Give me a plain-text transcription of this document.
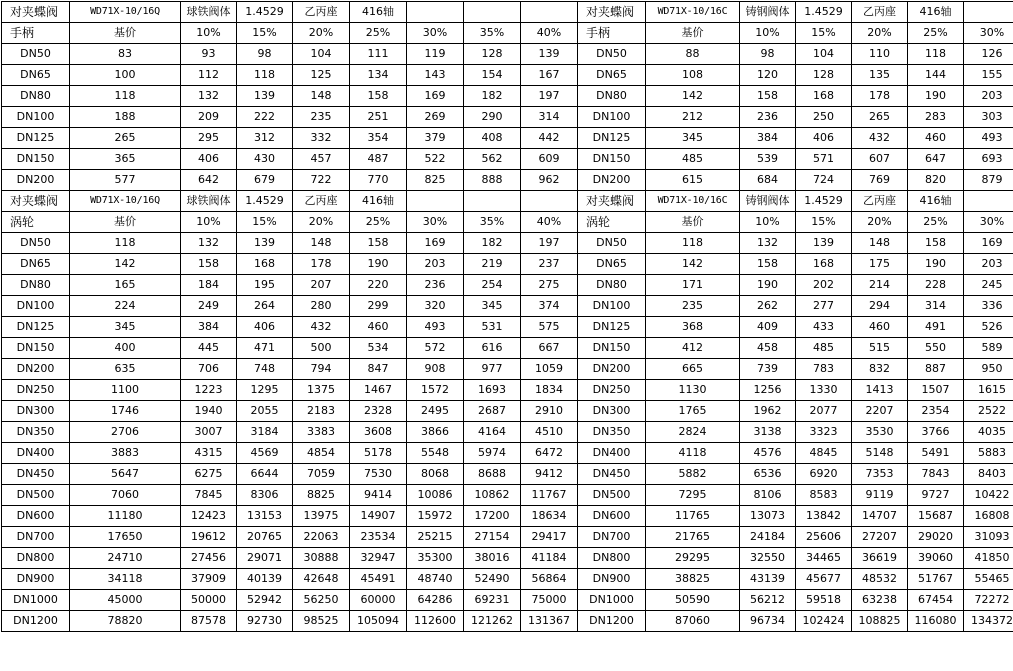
对夹蝶阀	WD71X-10/16Q	球铁阀体	1.4529	乙丙座	416轴				对夹蝶阀	WD71X-10/16C	铸钢阀体	1.4529	乙丙座	416轴	
手柄	基价	10%	15%	20%	25%	30%	35%	40%	手柄	基价	10%	15%	20%	25%	30%
DN50	83	93	98	104	111	119	128	139	DN50	88	98	104	110	118	126
DN65	100	112	118	125	134	143	154	167	DN65	108	120	128	135	144	155
DN80	118	132	139	148	158	169	182	197	DN80	142	158	168	178	190	203
DN100	188	209	222	235	251	269	290	314	DN100	212	236	250	265	283	303
DN125	265	295	312	332	354	379	408	442	DN125	345	384	406	432	460	493
DN150	365	406	430	457	487	522	562	609	DN150	485	539	571	607	647	693
DN200	577	642	679	722	770	825	888	962	DN200	615	684	724	769	820	879
对夹蝶阀	WD71X-10/16Q	球铁阀体	1.4529	乙丙座	416轴				对夹蝶阀	WD71X-10/16C	铸钢阀体	1.4529	乙丙座	416轴	
涡轮	基价	10%	15%	20%	25%	30%	35%	40%	涡轮	基价	10%	15%	20%	25%	30%
DN50	118	132	139	148	158	169	182	197	DN50	118	132	139	148	158	169
DN65	142	158	168	178	190	203	219	237	DN65	142	158	168	175	190	203
DN80	165	184	195	207	220	236	254	275	DN80	171	190	202	214	228	245
DN100	224	249	264	280	299	320	345	374	DN100	235	262	277	294	314	336
DN125	345	384	406	432	460	493	531	575	DN125	368	409	433	460	491	526
DN150	400	445	471	500	534	572	616	667	DN150	412	458	485	515	550	589
DN200	635	706	748	794	847	908	977	1059	DN200	665	739	783	832	887	950
DN250	1100	1223	1295	1375	1467	1572	1693	1834	DN250	1130	1256	1330	1413	1507	1615
DN300	1746	1940	2055	2183	2328	2495	2687	2910	DN300	1765	1962	2077	2207	2354	2522
DN350	2706	3007	3184	3383	3608	3866	4164	4510	DN350	2824	3138	3323	3530	3766	4035
DN400	3883	4315	4569	4854	5178	5548	5974	6472	DN400	4118	4576	4845	5148	5491	5883
DN450	5647	6275	6644	7059	7530	8068	8688	9412	DN450	5882	6536	6920	7353	7843	8403
DN500	7060	7845	8306	8825	9414	10086	10862	11767	DN500	7295	8106	8583	9119	9727	10422
DN600	11180	12423	13153	13975	14907	15972	17200	18634	DN600	11765	13073	13842	14707	15687	16808
DN700	17650	19612	20765	22063	23534	25215	27154	29417	DN700	21765	24184	25606	27207	29020	31093
DN800	24710	27456	29071	30888	32947	35300	38016	41184	DN800	29295	32550	34465	36619	39060	41850
DN900	34118	37909	40139	42648	45491	48740	52490	56864	DN900	38825	43139	45677	48532	51767	55465
DN1000	45000	50000	52942	56250	60000	64286	69231	75000	DN1000	50590	56212	59518	63238	67454	72272
DN1200	78820	87578	92730	98525	105094	112600	121262	131367	DN1200	87060	96734	102424	108825	116080	134372
